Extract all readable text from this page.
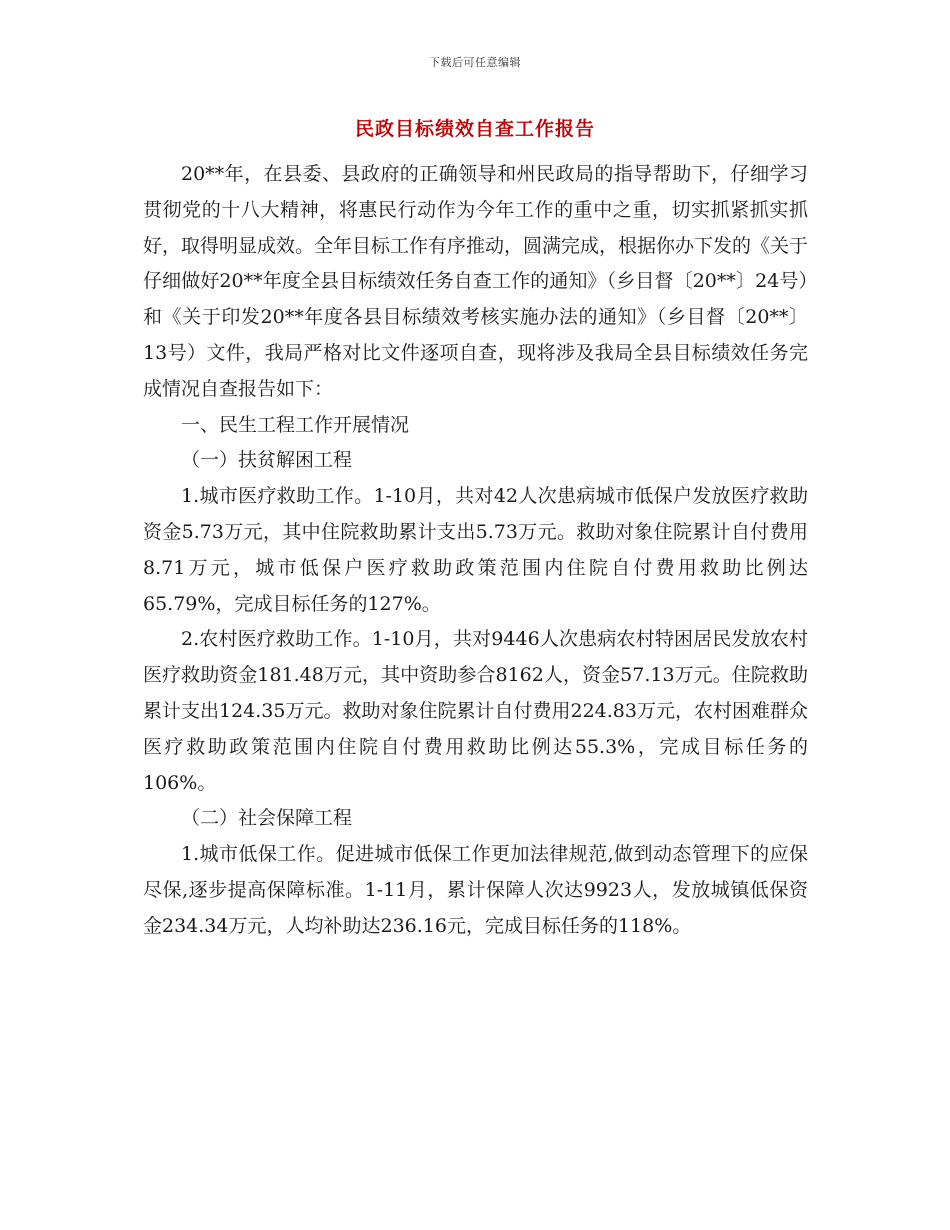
下载后可任意编辑
民政目标绩效自查工作报告

20**年，在县委、县政府的正确领导和州民政局的指导帮助下，仔细学习贯彻党的十八大精神，将惠民行动作为今年工作的重中之重，切实抓紧抓实抓好，取得明显成效。全年目标工作有序推动，圆满完成，根据你办下发的《关于仔细做好20**年度全县目标绩效任务自查工作的通知》（乡目督〔20**〕24号）和《关于印发20**年度各县目标绩效考核实施办法的通知》（乡目督〔20**〕13号）文件，我局严格对比文件逐项自查，现将涉及我局全县目标绩效任务完成情况自查报告如下：

一、民生工程工作开展情况

（一）扶贫解困工程

1.城市医疗救助工作。1-10月，共对42人次患病城市低保户发放医疗救助资金5.73万元，其中住院救助累计支出5.73万元。救助对象住院累计自付费用8.71万元，城市低保户医疗救助政策范围内住院自付费用救助比例达65.79%，完成目标任务的127%。

2.农村医疗救助工作。1-10月，共对9446人次患病农村特困居民发放农村医疗救助资金181.48万元，其中资助参合8162人，资金57.13万元。住院救助累计支出124.35万元。救助对象住院累计自付费用224.83万元，农村困难群众医疗救助政策范围内住院自付费用救助比例达55.3%，完成目标任务的106%。

（二）社会保障工程

1.城市低保工作。促进城市低保工作更加法律规范,做到动态管理下的应保尽保,逐步提高保障标准。1-11月，累计保障人次达9923人，发放城镇低保资金234.34万元，人均补助达236.16元，完成目标任务的118%。
